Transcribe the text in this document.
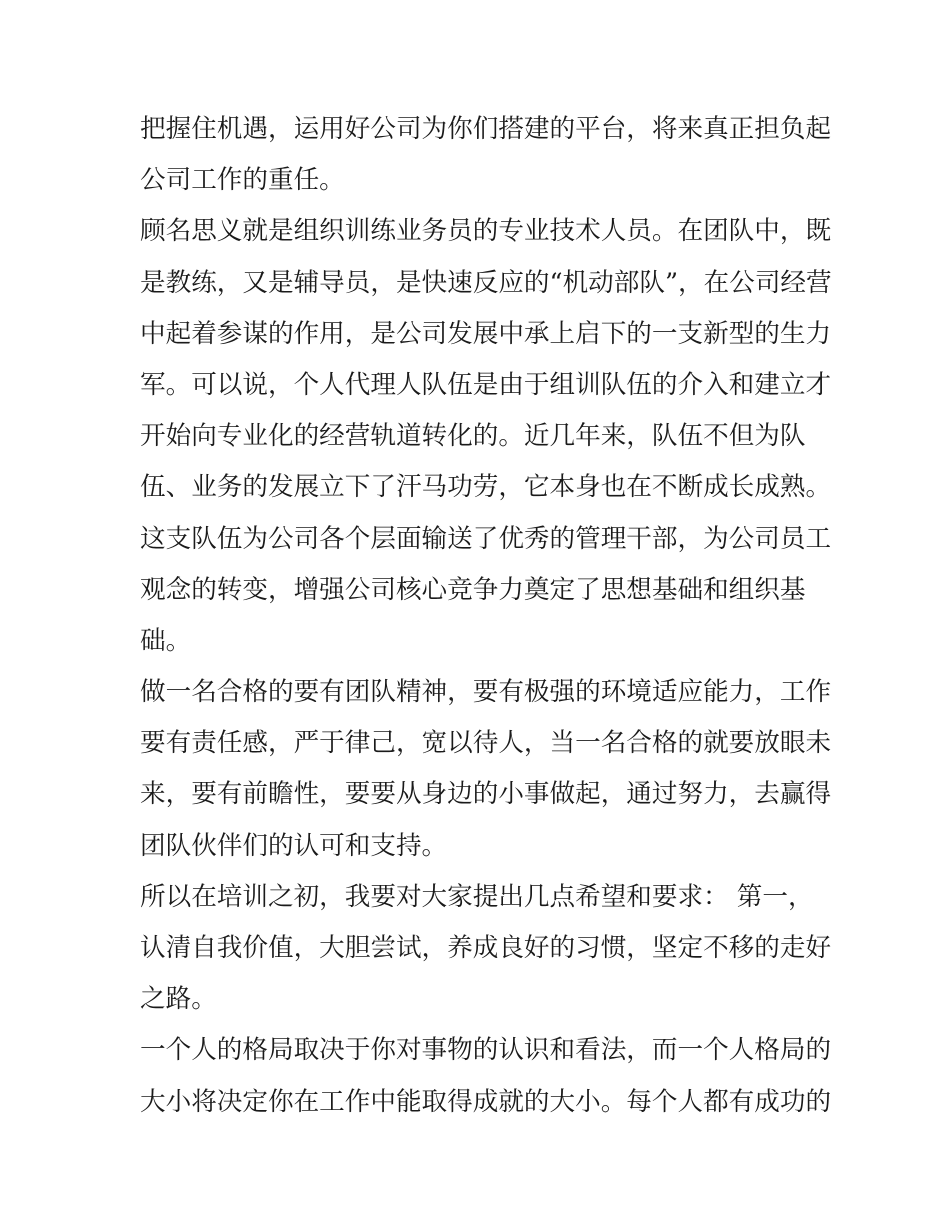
把握住机遇，运用好公司为你们搭建的平台，将来真正担负起
公司工作的重任。
顾名思义就是组织训练业务员的专业技术人员。在团队中，既
是教练，又是辅导员，是快速反应的“机动部队”，在公司经营
中起着参谋的作用，是公司发展中承上启下的一支新型的生力
军。可以说，个人代理人队伍是由于组训队伍的介入和建立才
开始向专业化的经营轨道转化的。近几年来，队伍不但为队
伍、业务的发展立下了汗马功劳，它本身也在不断成长成熟。
这支队伍为公司各个层面输送了优秀的管理干部，为公司员工
观念的转变，增强公司核心竞争力奠定了思想基础和组织基
础。
做一名合格的要有团队精神，要有极强的环境适应能力，工作
要有责任感，严于律己，宽以待人，当一名合格的就要放眼未
来，要有前瞻性，要要从身边的小事做起，通过努力，去赢得
团队伙伴们的认可和支持。
所以在培训之初，我要对大家提出几点希望和要求： 第一，
认清自我价值，大胆尝试，养成良好的习惯，坚定不移的走好
之路。
一个人的格局取决于你对事物的认识和看法，而一个人格局的
大小将决定你在工作中能取得成就的大小。每个人都有成功的
